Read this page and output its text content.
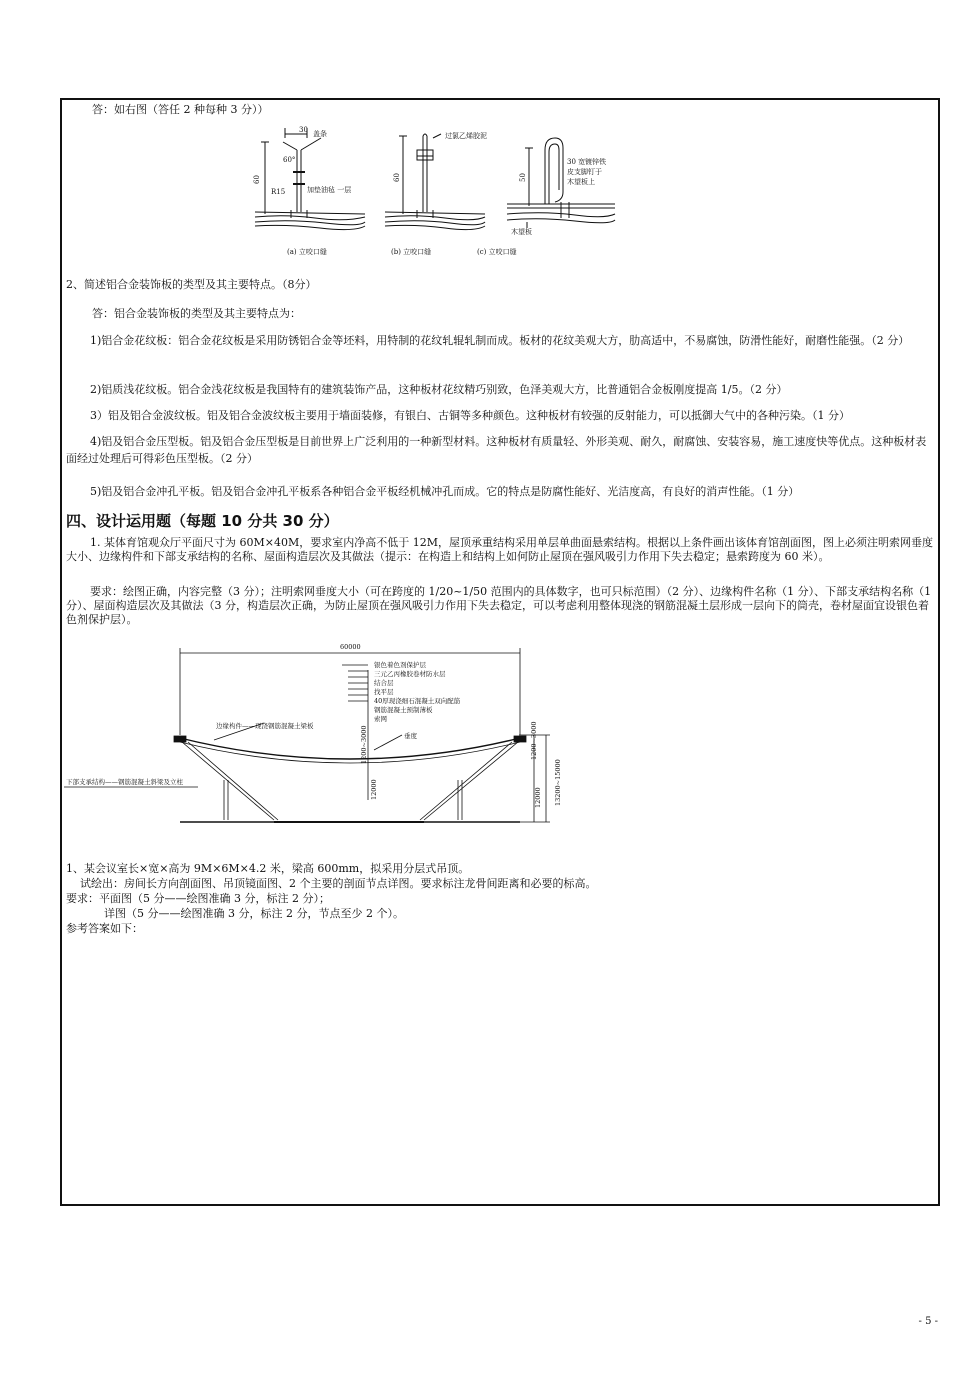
答：如右图（答任 2 种每种 3 分））
30
60°
盖条
60
R15	加垫油毡 一层
过氯乙烯胶泥
60	50
30 宽镀锌铁
皮支脚钉于
木望板上
木望板
(a) 立咬口缝	(b) 立咬口缝	(c) 立咬口缝
2、简述铝合金装饰板的类型及其主要特点。（8分）
答：铝合金装饰板的类型及其主要特点为：
1)铝合金花纹板：铝合金花纹板是采用防锈铝合金等坯料，用特制的花纹轧辊轧制而成。板材的花纹美观大方，肋高适中，不易腐蚀，防滑性能好，耐磨性能强。（2 分）
2)铝质浅花纹板。铝合金浅花纹板是我国特有的建筑装饰产品，这种板材花纹精巧别致，色泽美观大方，比普通铝合金板刚度提高 1/5。（2 分）
3）铝及铝合金波纹板。铝及铝合金波纹板主要用于墙面装修，有银白、古铜等多种颜色。这种板材有较强的反射能力，可以抵御大气中的各种污染。（1 分）
4)铝及铝合金压型板。铝及铝合金压型板是目前世界上广泛利用的一种新型材料。这种板材有质量轻、外形美观、耐久，耐腐蚀、安装容易，施工速度快等优点。这种板材表面经过处理后可得彩色压型板。（2 分）
5)铝及铝合金冲孔平板。铝及铝合金冲孔平板系各种铝合金平板经机械冲孔而成。它的特点是防腐性能好、光洁度高，有良好的消声性能。（1 分）
四、设计运用题（每题 10 分共 30 分）
1. 某体育馆观众厅平面尺寸为 60M×40M，要求室内净高不低于 12M，屋顶承重结构采用单层单曲面悬索结构。根据以上条件画出该体育馆剖面图，图上必须注明索网垂度大小、边缘构件和下部支承结构的名称、屋面构造层次及其做法（提示：在构造上和结构上如何防止屋顶在强风吸引力作用下失去稳定；悬索跨度为 60 米）。
要求：绘图正确，内容完整（3 分）；注明索网垂度大小（可在跨度的 1/20~1/50 范围内的具体数字，也可只标范围）（2 分）、边缘构件名称（1 分）、下部支承结构名称（1 分）、屋面构造层次及其做法（3 分，构造层次正确，为防止屋顶在强风吸引力作用下失去稳定，可以考虑利用整体现浇的钢筋混凝土层形成一层向下的筒壳，卷材屋面宜设银色着色剂保护层）。
60000
银色着色剂保护层
三元乙丙橡胶卷材防水层
结合层
找平层
40厚现浇细石混凝土双向配筋
钢筋混凝土预制薄板
索网
边缘构件——现浇钢筋混凝土梁板
垂度
下部支承结构——钢筋混凝土斜梁及立柱	12000
1200~3000	1200~3000
12000 13200~15000
1、某会议室长×宽×高为 9M×6M×4.2 米，梁高 600mm，拟采用分层式吊顶。
试绘出：房间长方向剖面图、吊顶镜面图、2 个主要的剖面节点详图。要求标注龙骨间距离和必要的标高。
要求：平面图（5 分——绘图准确 3 分，标注 2 分）；
详图（5 分——绘图准确 3 分，标注 2 分，节点至少 2 个）。
参考答案如下：
- 5 -
